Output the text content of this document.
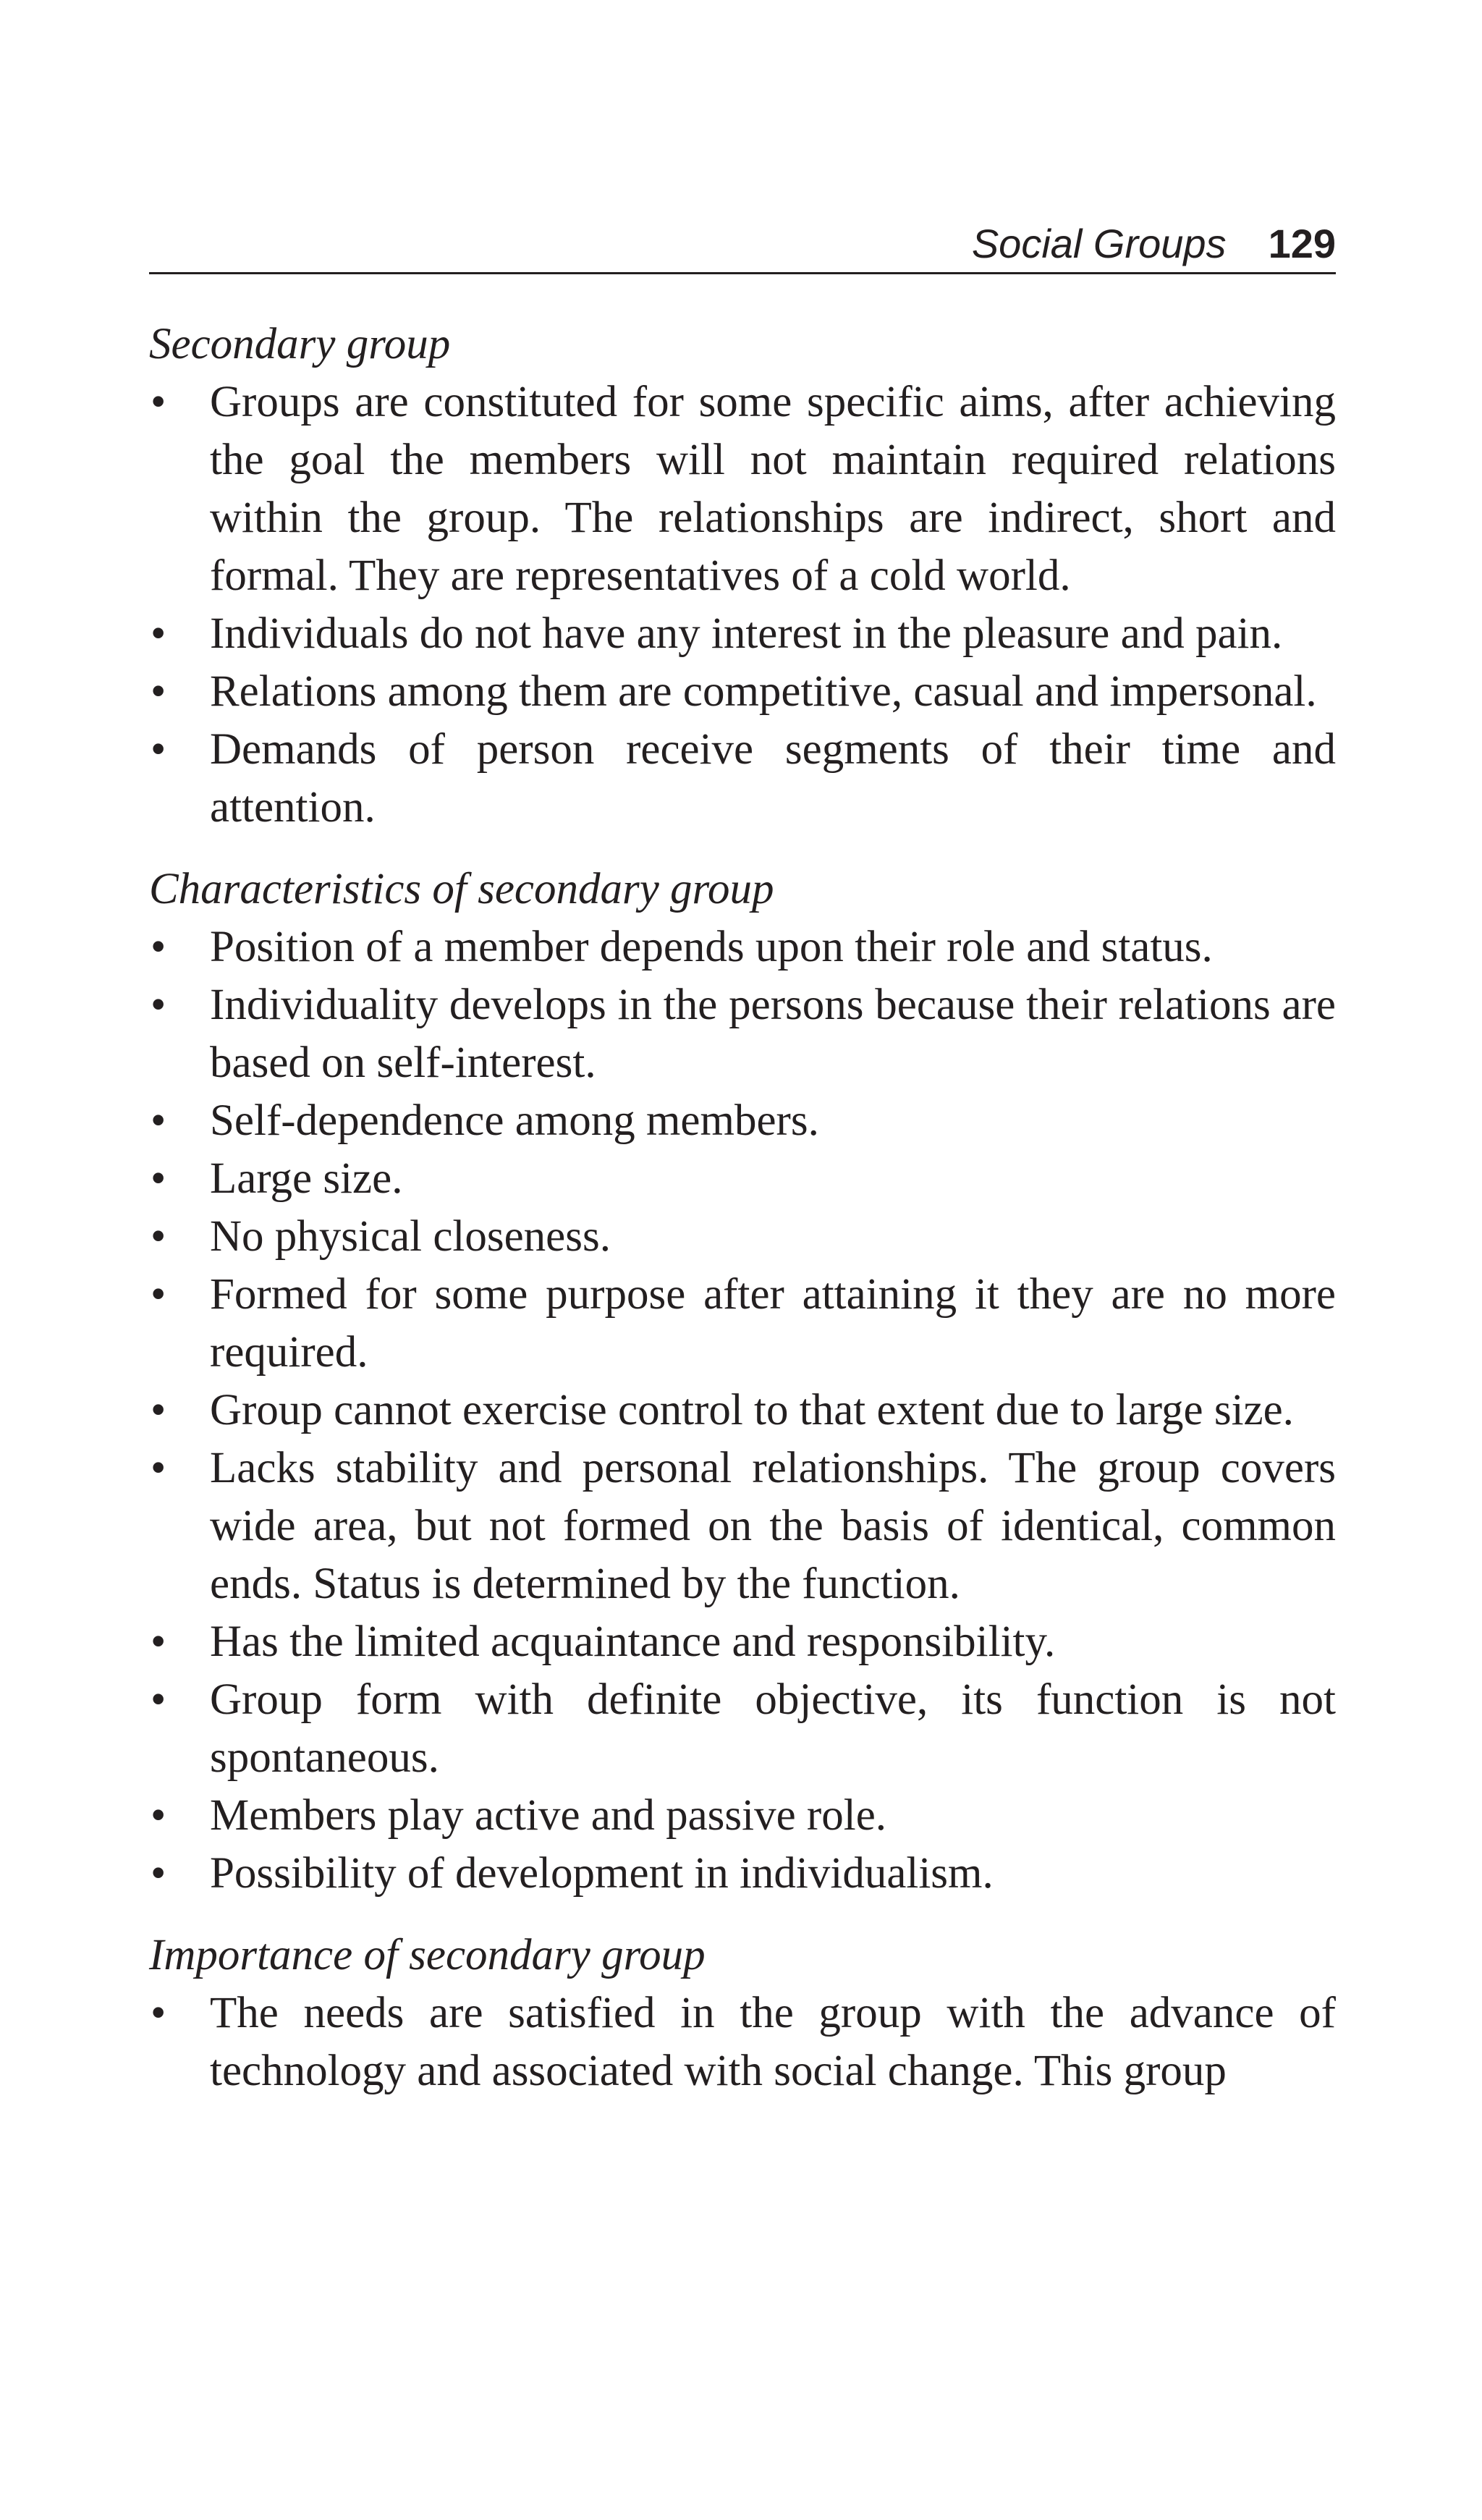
Social Groups 129
Secondary group
• Groups are constituted for some specific aims, after achieving the goal the members will not maintain required relations within the group. The relationships are indirect, short and formal. They are representatives of a cold world.
• Individuals do not have any interest in the pleasure and pain.
• Relations among them are competitive, casual and impersonal.
• Demands of person receive segments of their time and attention.
Characteristics of secondary group
• Position of a member depends upon their role and status.
• Individuality develops in the persons because their relations are based on self-interest.
• Self-dependence among members.
• Large size.
• No physical closeness.
• Formed for some purpose after attaining it they are no more required.
• Group cannot exercise control to that extent due to large size.
• Lacks stability and personal relationships. The group covers wide area, but not formed on the basis of identical, common ends. Status is determined by the function.
• Has the limited acquaintance and responsibility.
• Group form with definite objective, its function is not spontaneous.
• Members play active and passive role.
• Possibility of development in individualism.
Importance of secondary group
• The needs are satisfied in the group with the advance of technology and associated with social change. This group
